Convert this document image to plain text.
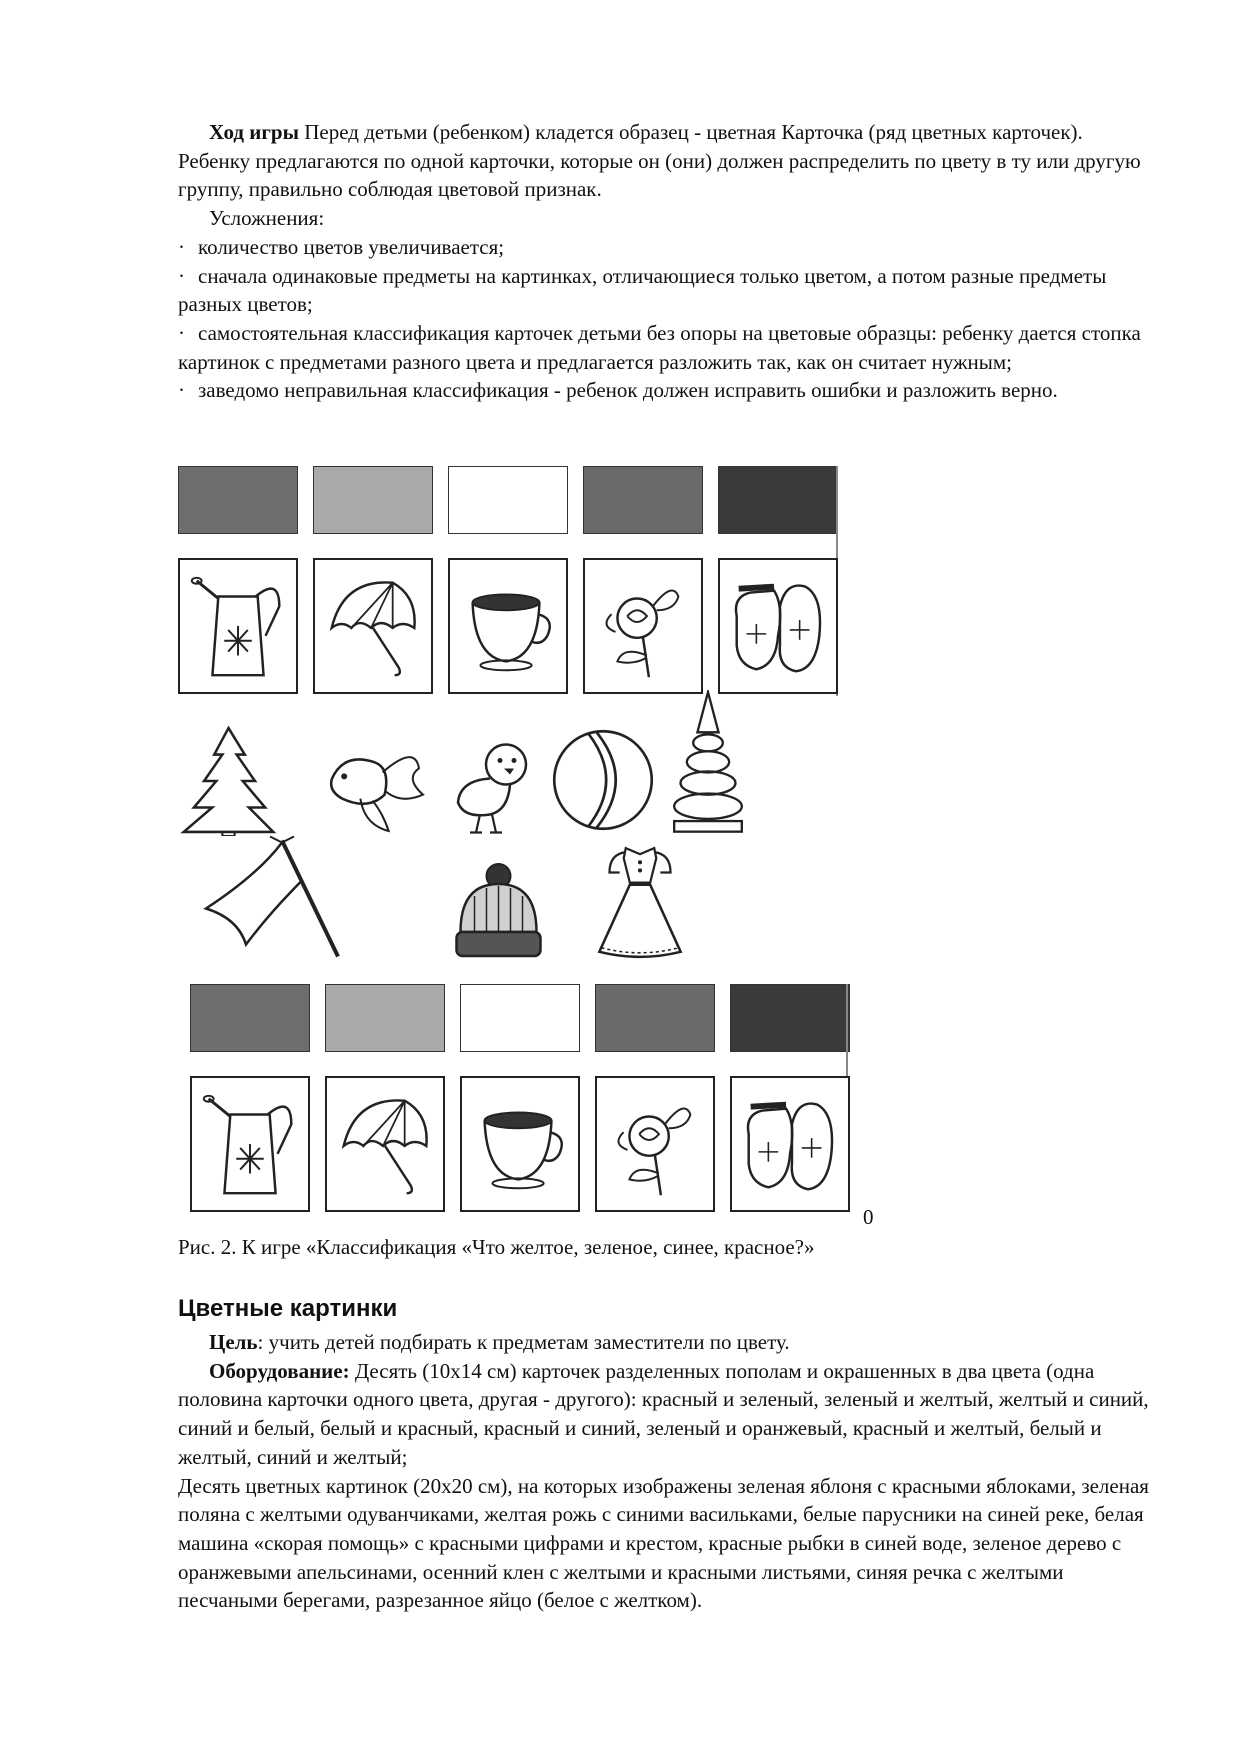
Ход игры Перед детьми (ребенком) кладется образец - цветная Карточка (ряд цветных карточек). Ребенку предлагаются по одной карточки, которые он (они) должен распределить по цвету в ту или другую группу, правильно соблюдая цветовой признак.

Усложнения:

· количество цветов увеличивается;

· сначала одинаковые предметы на картинках, отличающиеся только цветом, а потом разные предметы разных цветов;

· самостоятельная классификация карточек детьми без опоры на цветовые образцы: ребенку дается стопка картинок с предметами разного цвета и предлагается разложить так, как он считает нужным;

· заведомо неправильная классификация - ребенок должен исправить ошибки и разложить верно.

0
Рис. 2. К игре «Классификация «Что желтое, зеленое, синее, красное?»
Цветные картинки

Цель: учить детей подбирать к предметам заместители по цвету.

Оборудование: Десять (10х14 см) карточек разделенных пополам и окрашенных в два цвета (одна половина карточки одного цвета, другая - другого): красный и зеленый, зеленый и желтый, желтый и синий, синий и белый, белый и красный, красный и синий, зеленый и оранжевый, красный и желтый, белый и желтый, синий и желтый;

Десять цветных картинок (20х20 см), на которых изображены зеленая яблоня с красными яблоками, зеленая поляна с желтыми одуванчиками, желтая рожь с синими васильками, белые парусники на синей реке, белая машина «скорая помощь» с красными цифрами и крестом, красные рыбки в синей воде, зеленое дерево с оранжевыми апельсинами, осенний клен с желтыми и красными листьями, синяя речка с желтыми песчаными берегами, разрезанное яйцо (белое с желтком).
